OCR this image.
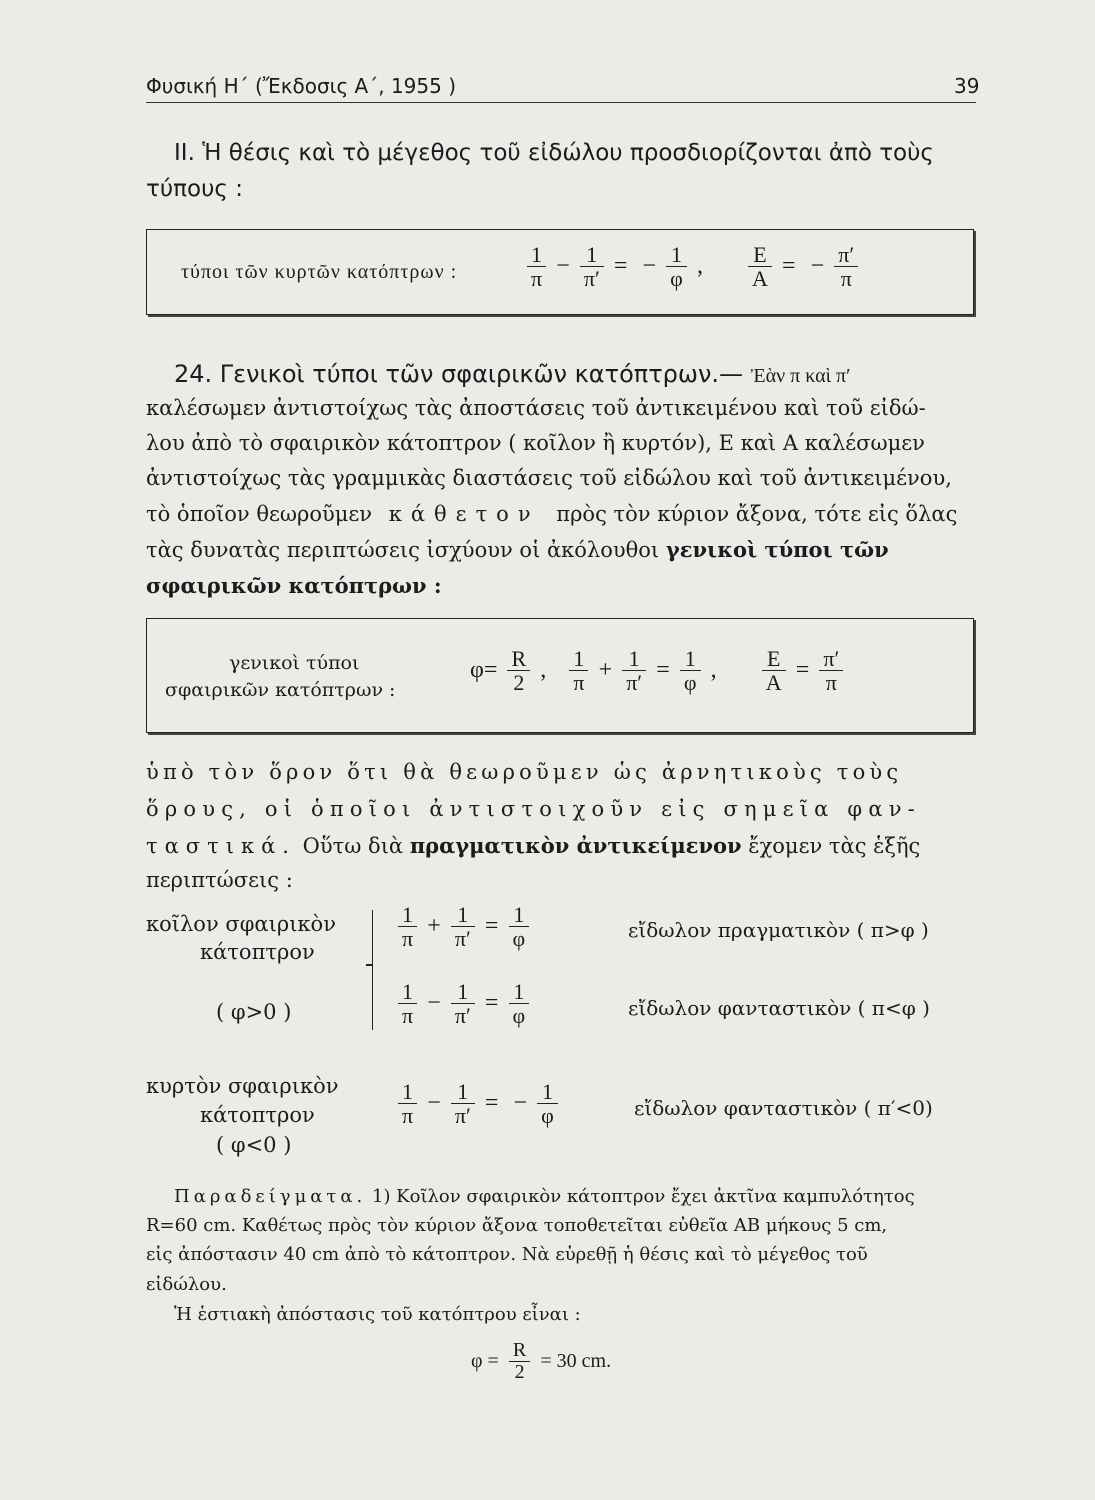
Φυσική Η΄ (Ἔκδοσις Α΄, 1955 )	39
ΙΙ. Ἡ θέσις καὶ τὸ μέγεθος τοῦ εἰδώλου προσδιορίζονται ἀπὸ τοὺς
τύπους :
τύποι τῶν κυρτῶν κατόπτρων :	$\frac{1}{\pi} - \frac{1}{\pi'}$ = − $\frac{1}{\varphi}$ , $\frac{E}{A}$ = − $\frac{\pi'}{\pi}$
24. Γενικοὶ τύποι τῶν σφαιρικῶν κατόπτρων.— Ἐὰν π καὶ π′
καλέσωμεν ἀντιστοίχως τὰς ἀποστάσεις τοῦ ἀντικειμένου καὶ τοῦ εἰδώ-
λου ἀπὸ τὸ σφαιρικὸν κάτοπτρον ( κοῖλον ἢ κυρτόν), Ε καὶ Α καλέσωμεν
ἀντιστοίχως τὰς γραμμικὰς διαστάσεις τοῦ εἰδώλου καὶ τοῦ ἀντικειμένου,
τὸ ὁποῖον θεωροῦμεν κάθετον πρὸς τὸν κύριον ἄξονα, τότε εἰς ὅλας
τὰς δυνατὰς περιπτώσεις ἰσχύουν οἱ ἀκόλουθοι γενικοὶ τύποι τῶν
σφαιρικῶν κατόπτρων :
γενικοὶ τύποι
σφαιρικῶν κατόπτρων :
$\varphi= \frac{R}{2}$ , $\frac{1}{\pi} + \frac{1}{\pi'} = \frac{1}{\varphi}$ , $\frac{E}{A} = \frac{\pi'}{\pi}$
ὑπὸ τὸν ὅρον ὅτι θὰ θεωροῦμεν ὡς ἀρνητικοὺς τοὺς
ὅρους, οἱ ὁποῖοι ἀντιστοιχοῦν εἰς σημεῖα φαν-
ταστικά. Οὕτω διὰ πραγματικὸν ἀντικείμενον ἔχομεν τὰς ἑξῆς
περιπτώσεις :
κοῖλον σφαιρικὸν
κάτοπτρον
( φ>0 )
$\frac{1}{\pi} + \frac{1}{\pi'} = \frac{1}{\varphi}$	εἴδωλον πραγματικὸν ( π>φ )
$\frac{1}{\pi} - \frac{1}{\pi'} = \frac{1}{\varphi}$	εἴδωλον φανταστικὸν ( π<φ )
κυρτὸν σφαιρικὸν
κάτοπτρον
( φ<0 )
$\frac{1}{\pi} - \frac{1}{\pi'}$ = − $\frac{1}{\varphi}$	εἴδωλον φανταστικὸν ( π′<0)
Παραδείγματα. 1) Κοῖλον σφαιρικὸν κάτοπτρον ἔχει ἀκτῖνα καμπυλότητος
R=60 cm. Καθέτως πρὸς τὸν κύριον ἄξονα τοποθετεῖται εὐθεῖα ΑΒ μήκους 5 cm,
εἰς ἀπόστασιν 40 cm ἀπὸ τὸ κάτοπτρον. Νὰ εὑρεθῇ ἡ θέσις καὶ τὸ μέγεθος τοῦ
εἰδώλου.
Ἡ ἑστιακὴ ἀπόστασις τοῦ κατόπτρου εἶναι :
$\varphi = \frac{R}{2} = 30$ cm.
